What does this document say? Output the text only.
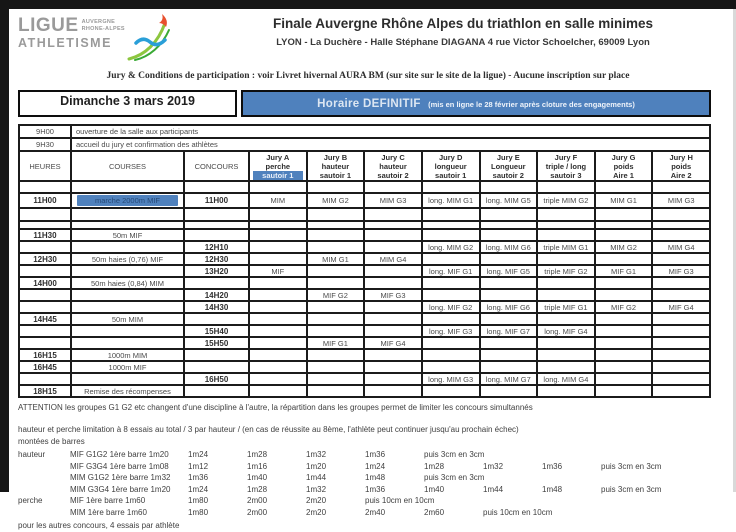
LIGUE AUVERGNE
RHONE-ALPES
ATHLETISME
Finale Auvergne Rhône Alpes du triathlon en salle minimes
LYON - La Duchère - Halle Stéphane DIAGANA 4 rue Victor Schoelcher, 69009 Lyon
Jury & Conditions de participation : voir Livret hivernal AURA BM (sur site sur le site de la ligue) - Aucune inscription sur place
Dimanche 3 mars 2019	Horaire DEFINITIF (mis en ligne le 28 février après cloture des engagements)
9H00	ouverture de la salle aux participants									
9H30	accueil du jury et confirmation des athlètes									
HEURES	COURSES	CONCOURS	
Jury A
perche
sautoir 1

Jury B
hauteur
sautoir 1

Jury C
hauteur
sautoir 2

Jury D
longueur
sautoir 1

Jury E
Longueur
sautoir 2

Jury F
triple / long
sautoir 3

Jury G
poids
Aire 1

Jury H
poids
Aire 2

11H00	marche 2000m MIF	11H00	MIM	MIM G2	MIM G3	long. MIM G1	long. MIM G5	triple MIM G2	MIM G1	MIM G3

11H30	50m MIF									
		12H10				long. MIM G2	long. MIM G6	triple MIM G1	MIM G2	MIM G4
12H30	50m haies (0,76) MIF	12H30		MIM G1	MIM G4					
		13H20	MIF			long. MIF G1	long. MIF G5	triple MIF G2	MIF G1	MIF G3
14H00	50m haies (0,84) MIM									
		14H20		MIF G2	MIF G3					
		14H30				long. MIF G2	long. MIF G6	triple MIF G1	MIF G2	MIF G4
14H45	50m MIM									
		15H40				long. MIF G3	long. MIF G7	long. MIF G4		
		15H50		MIF G1	MIF G4					
16H15	1000m MIM									
16H45	1000m MIF									
		16H50				long. MIM G3	long. MIM G7	long. MIM G4		
18H15	Remise des récompenses									
ATTENTION les groupes G1 G2 etc changent d'une discipline à l'autre, la répartition dans les groupes permet de limiter les concours simultannés
hauteur et perche limitation à 8 essais au total / 3 par hauteur / (en cas de réussite au 8ème, l'athlète peut continuer jusqu'au prochain échec)
montées de barres
hauteur	MIF G1G2 1ère barre 1m20	1m24	1m28	1m32	1m36	puis 3cm en 3cm
MIF G3G4 1ère barre 1m08	1m12	1m16	1m20	1m24	1m28	1m32	1m36	puis 3cm en 3cm
MIM G1G2 1ère barre 1m32	1m36	1m40	1m44	1m48	puis 3cm en 3cm
MIM G3G4 1ère barre 1m20	1m24	1m28	1m32	1m36	1m40	1m44	1m48	puis 3cm en 3cm
perche	MIF 1ère barre 1m60	1m80	2m00	2m20	puis 10cm en 10cm
MIM 1ère barre 1m60	1m80	2m00	2m20	2m40	2m60	puis 10cm en 10cm
pour les autres concours, 4 essais par athlète
